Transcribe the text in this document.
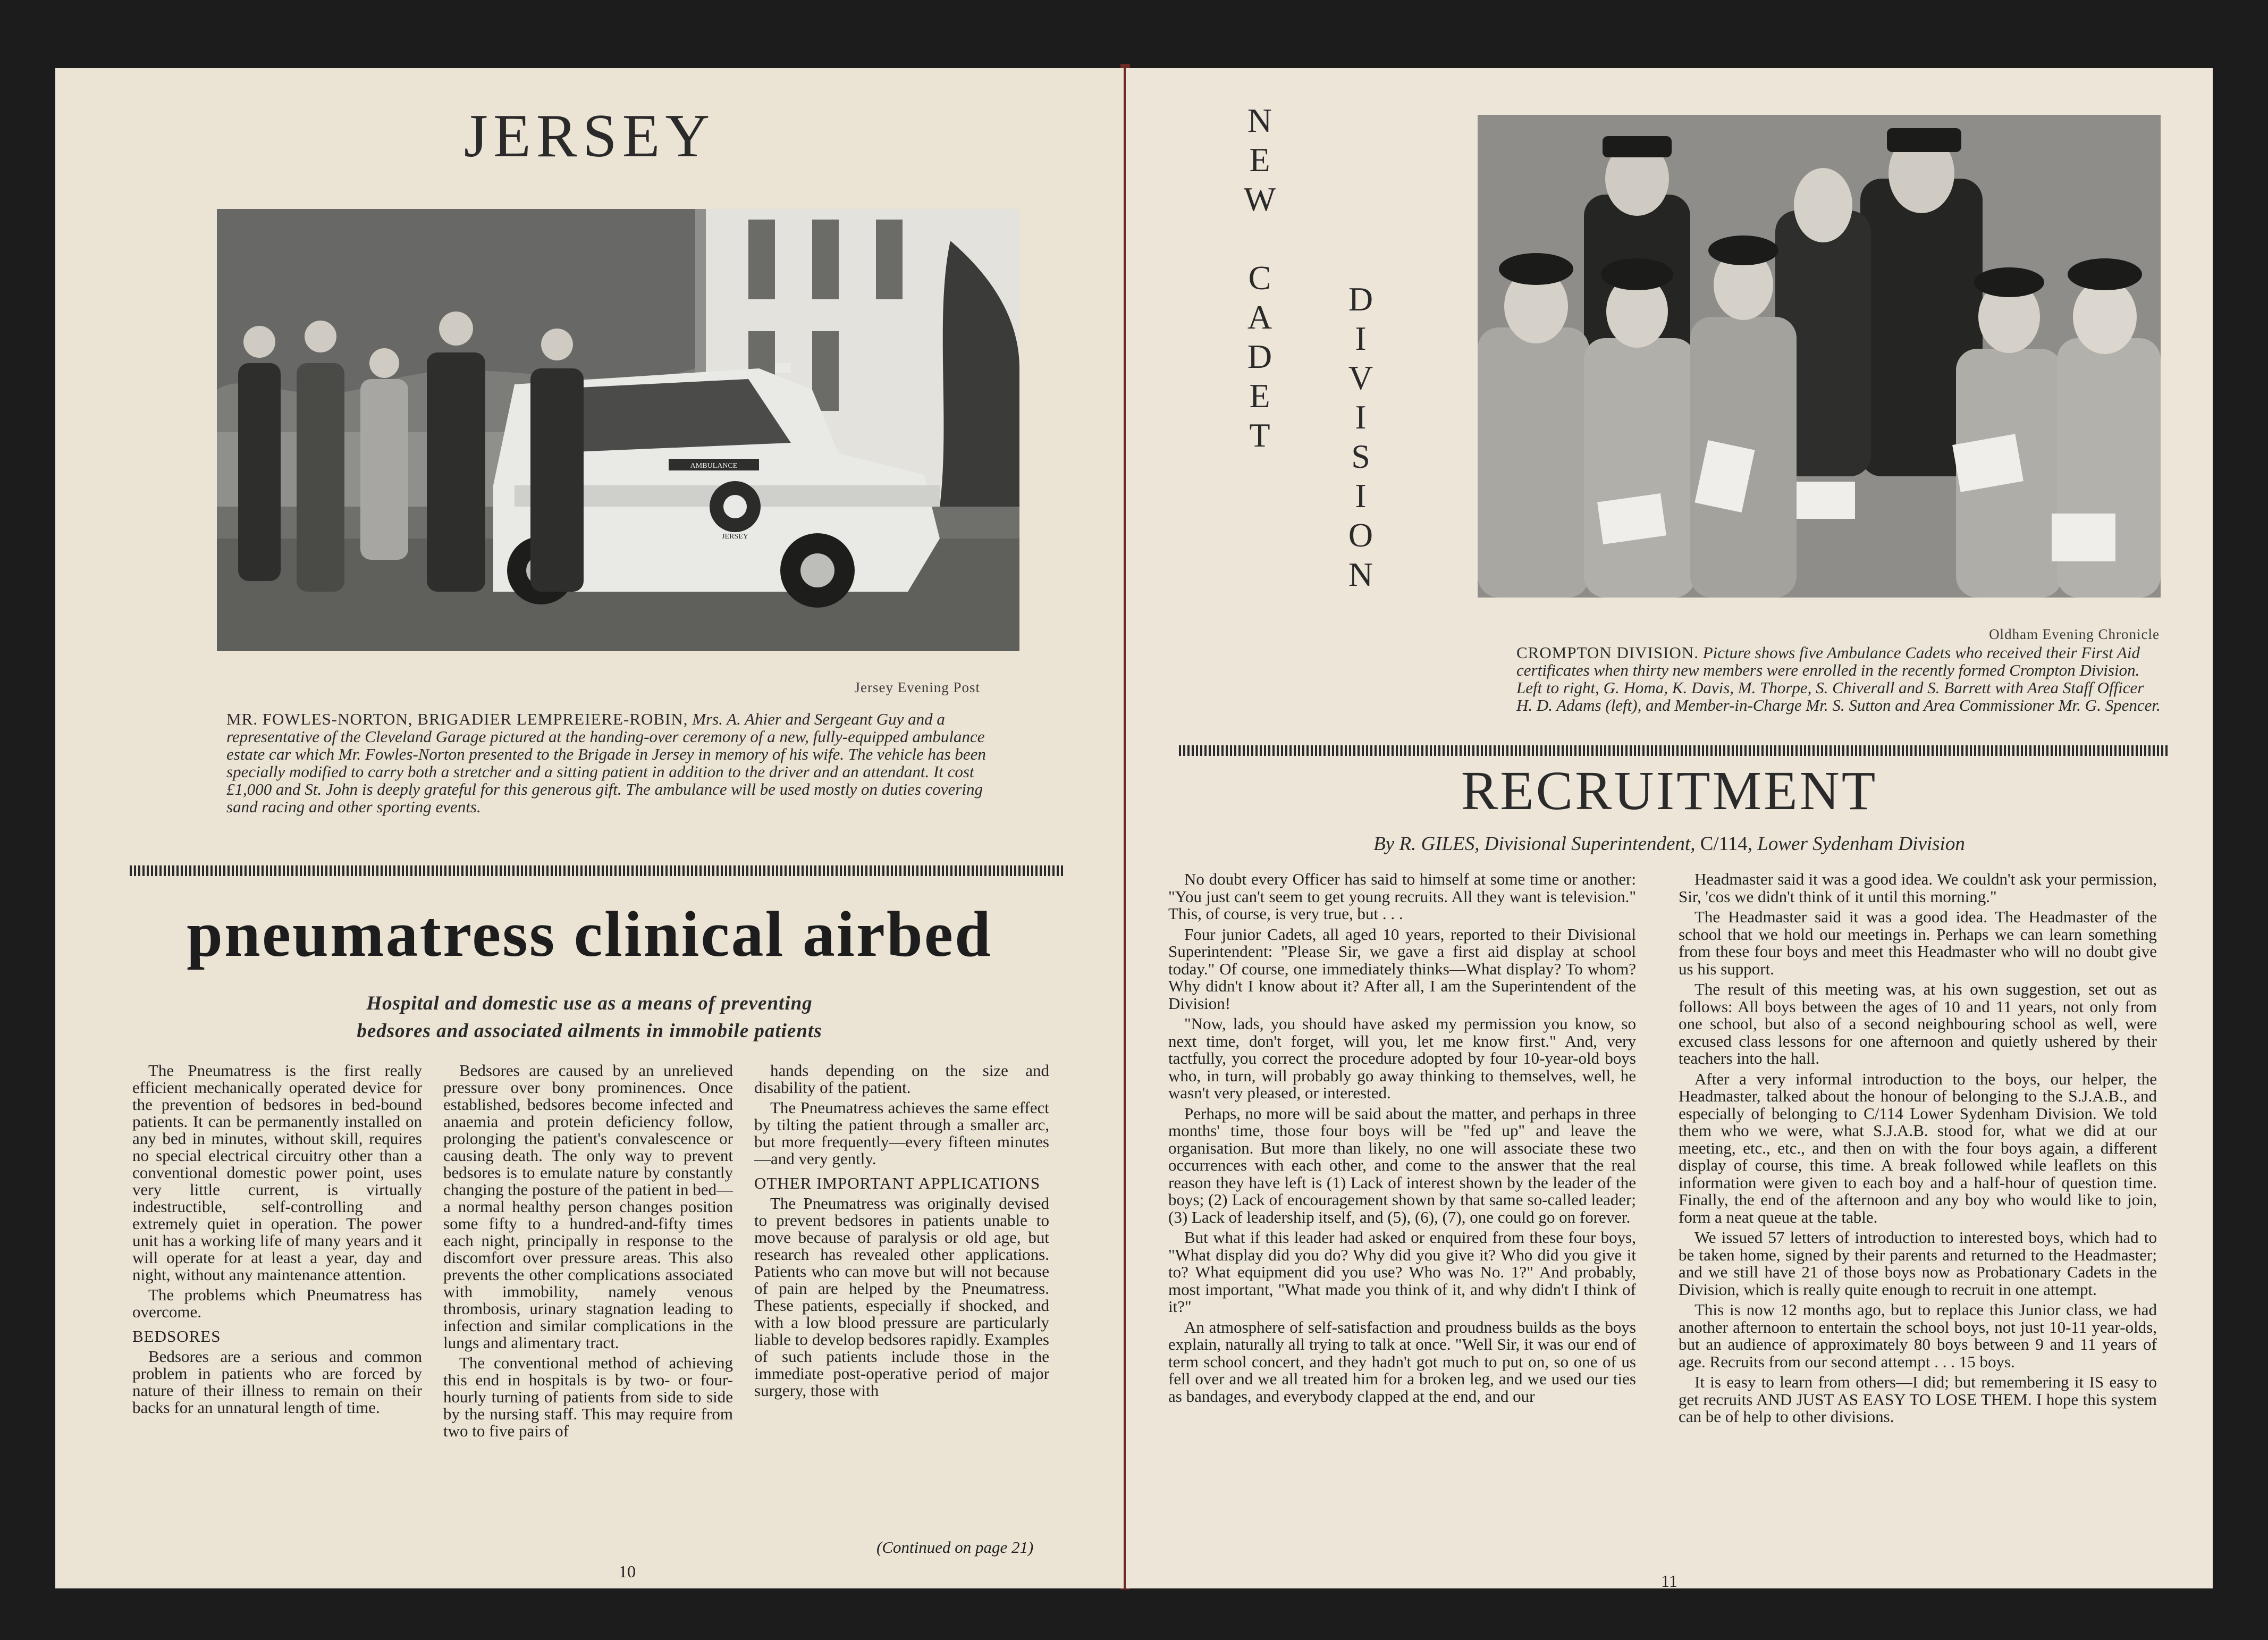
JERSEY
AMBULANCE
JERSEY
Jersey Evening Post
MR. FOWLES-NORTON, BRIGADIER LEMPREIERE-ROBIN, Mrs. A. Ahier and Sergeant Guy and a representative of the Cleveland Garage pictured at the handing-over ceremony of a new, fully-equipped ambulance estate car which Mr. Fowles-Norton presented to the Brigade in Jersey in memory of his wife. The vehicle has been specially modified to carry both a stretcher and a sitting patient in addition to the driver and an attendant. It cost £1,000 and St. John is deeply grateful for this generous gift. The ambulance will be used mostly on duties covering sand racing and other sporting events.
pneumatress clinical airbed
Hospital and domestic use as a means of preventing
bedsores and associated ailments in immobile patients

The Pneumatress is the first really efficient mechanically operated device for the prevention of bedsores in bed-bound patients. It can be permanently installed on any bed in minutes, without skill, requires no special electrical circuitry other than a conventional domestic power point, uses very little current, is virtually indestructible, self-controlling and extremely quiet in operation. The power unit has a working life of many years and it will operate for at least a year, day and night, without any maintenance attention.

The problems which Pneumatress has overcome.

BEDSORES

Bedsores are a serious and common problem in patients who are forced by nature of their illness to remain on their backs for an unnatural length of time.

Bedsores are caused by an unrelieved pressure over bony prominences. Once established, bedsores become infected and anaemia and protein deficiency follow, prolonging the patient's convalescence or causing death. The only way to prevent bedsores is to emulate nature by constantly changing the posture of the patient in bed—a normal healthy person changes position some fifty to a hundred-and-fifty times each night, principally in response to the discomfort over pressure areas. This also prevents the other complications associated with immobility, namely venous thrombosis, urinary stagnation leading to infection and similar complications in the lungs and alimentary tract.

The conventional method of achieving this end in hospitals is by two- or four-hourly turning of patients from side to side by the nursing staff. This may require from two to five pairs of

hands depending on the size and disability of the patient.

The Pneumatress achieves the same effect by tilting the patient through a smaller arc, but more frequently—every fifteen minutes—and very gently.

OTHER IMPORTANT APPLICATIONS

The Pneumatress was originally devised to prevent bedsores in patients unable to move because of paralysis or old age, but research has revealed other applications. Patients who can move but will not because of pain are helped by the Pneumatress. These patients, especially if shocked, and with a low blood pressure are particularly liable to develop bedsores rapidly. Examples of such patients include those in the immediate post-operative period of major surgery, those with

(Continued on page 21)
10
N
E
W
C
A
D
E
T
D
I
V
I
S
I
O
N
Oldham Evening Chronicle
CROMPTON DIVISION. Picture shows five Ambulance Cadets who received their First Aid certificates when thirty new members were enrolled in the recently formed Crompton Division. Left to right, G. Homa, K. Davis, M. Thorpe, S. Chiverall and S. Barrett with Area Staff Officer H. D. Adams (left), and Member-in-Charge Mr. S. Sutton and Area Commissioner Mr. G. Spencer.
RECRUITMENT
By R. GILES, Divisional Superintendent, C/114, Lower Sydenham Division

No doubt every Officer has said to himself at some time or another: "You just can't seem to get young recruits. All they want is television." This, of course, is very true, but . . .

Four junior Cadets, all aged 10 years, reported to their Divisional Superintendent: "Please Sir, we gave a first aid display at school today." Of course, one immediately thinks—What display? To whom? Why didn't I know about it? After all, I am the Superintendent of the Division!

"Now, lads, you should have asked my permission you know, so next time, don't forget, will you, let me know first." And, very tactfully, you correct the procedure adopted by four 10-year-old boys who, in turn, will probably go away thinking to themselves, well, he wasn't very pleased, or interested.

Perhaps, no more will be said about the matter, and perhaps in three months' time, those four boys will be "fed up" and leave the organisation. But more than likely, no one will associate these two occurrences with each other, and come to the answer that the real reason they have left is (1) Lack of interest shown by the leader of the boys; (2) Lack of encouragement shown by that same so-called leader; (3) Lack of leadership itself, and (5), (6), (7), one could go on forever.

But what if this leader had asked or enquired from these four boys, "What display did you do? Why did you give it? Who did you give it to? What equipment did you use? Who was No. 1?" And probably, most important, "What made you think of it, and why didn't I think of it?"

An atmosphere of self-satisfaction and proudness builds as the boys explain, naturally all trying to talk at once. "Well Sir, it was our end of term school concert, and they hadn't got much to put on, so one of us fell over and we all treated him for a broken leg, and we used our ties as bandages, and everybody clapped at the end, and our

Headmaster said it was a good idea. We couldn't ask your permission, Sir, 'cos we didn't think of it until this morning."

The Headmaster said it was a good idea. The Headmaster of the school that we hold our meetings in. Perhaps we can learn something from these four boys and meet this Headmaster who will no doubt give us his support.

The result of this meeting was, at his own suggestion, set out as follows: All boys between the ages of 10 and 11 years, not only from one school, but also of a second neighbouring school as well, were excused class lessons for one afternoon and quietly ushered by their teachers into the hall.

After a very informal introduction to the boys, our helper, the Headmaster, talked about the honour of belonging to the S.J.A.B., and especially of belonging to C/114 Lower Sydenham Division. We told them who we were, what S.J.A.B. stood for, what we did at our meeting, etc., etc., and then on with the four boys again, a different display of course, this time. A break followed while leaflets on this information were given to each boy and a half-hour of question time. Finally, the end of the afternoon and any boy who would like to join, form a neat queue at the table.

We issued 57 letters of introduction to interested boys, which had to be taken home, signed by their parents and returned to the Headmaster; and we still have 21 of those boys now as Probationary Cadets in the Division, which is really quite enough to recruit in one attempt.

This is now 12 months ago, but to replace this Junior class, we had another afternoon to entertain the school boys, not just 10-11 year-olds, but an audience of approximately 80 boys between 9 and 11 years of age. Recruits from our second attempt . . . 15 boys.

It is easy to learn from others—I did; but remembering it IS easy to get recruits AND JUST AS EASY TO LOSE THEM. I hope this system can be of help to other divisions.

11
